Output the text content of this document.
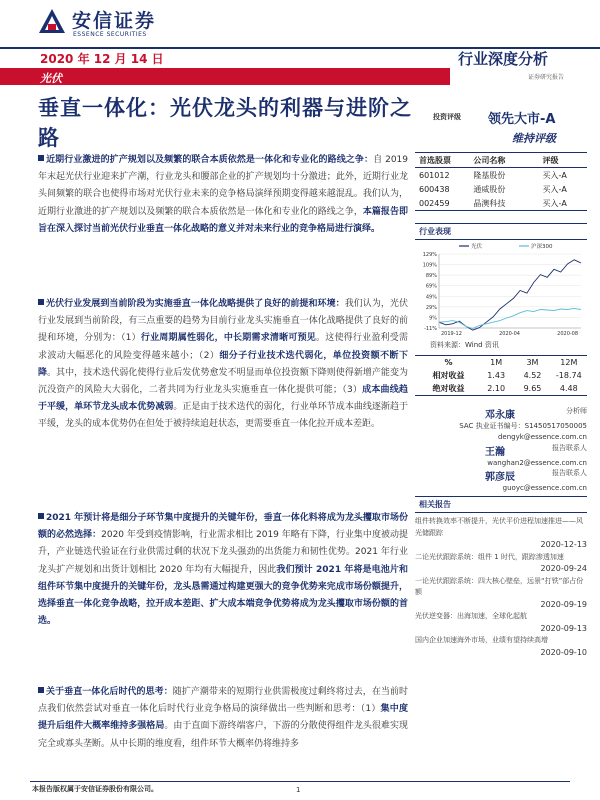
安信证券
ESSENCE SECURITIES
2020 年 12 月 14 日	行业深度分析
证券研究报告
光伏
垂直一体化：光伏龙头的利器与进阶之路

近期行业激进的扩产规划以及频繁的联合本质依然是一体化和专业化的路线之争：自 2019 年末起光伏行业迎来扩产潮，行业龙头和腰部企业的扩产规划均十分激进；此外，近期行业龙头间频繁的联合也使得市场对光伏行业未来的竞争格局演绎预期变得越来越混乱。我们认为，近期行业激进的扩产规划以及频繁的联合本质依然是一体化和专业化的路线之争，本篇报告即旨在深入探讨当前光伏行业垂直一体化战略的意义并对未来行业的竞争格局进行演绎。

光伏行业发展到当前阶段为实施垂直一体化战略提供了良好的前提和环境：我们认为，光伏行业发展到当前阶段，有三点重要的趋势为目前行业龙头实施垂直一体化战略提供了良好的前提和环境，分别为：（1）行业周期属性弱化，中长期需求清晰可预见。这使得行业盈利受需求波动大幅恶化的风险变得越来越小；（2）细分子行业技术迭代弱化，单位投资额不断下降。其中，技术迭代弱化使得行业后发优势愈发不明显而单位投资额下降则使得新增产能变为沉没资产的风险大大弱化，二者共同为行业龙头实施垂直一体化提供可能；（3）成本曲线趋于平缓，单环节龙头成本优势减弱。正是由于技术迭代的弱化，行业单环节成本曲线逐渐趋于平缓，龙头的成本优势仍在但处于被持续追赶状态，更需要垂直一体化拉开成本差距。

2021 年预计将是细分子环节集中度提升的关键年份，垂直一体化料将成为龙头攫取市场份额的必然选择：2020 年受到疫情影响，行业需求相比 2019 年略有下降，行业集中度被动提升，产业链迭代验证在行业供需过剩的状况下龙头强劲的出货能力和韧性优势。2021 年行业龙头扩产规划和出货计划相比 2020 年均有大幅提升，因此我们预计 2021 年将是电池片和组件环节集中度提升的关键年份，龙头恳需通过构建更强大的竞争优势来完成市场份额提升，选择垂直一体化竞争战略，拉开成本差距、扩大成本端竞争优势将成为龙头攫取市场份额的首选。

关于垂直一体化后时代的思考：随扩产潮带来的短期行业供需极度过剩终将过去，在当前时点我们依然尝试对垂直一体化后时代行业竞争格局的演绎做出一些判断和思考：（1）集中度提升后组件大概率维持多强格局。由于直面下游终端客户，下游的分散使得组件龙头很难实现完全或寡头垄断。从中长期的维度看，组件环节大概率仍将维持多

投资评级 领先大市-A
维持评级
首选股票	公司名称	评级
601012	隆基股份	买入-A
600438	通威股份	买入-A
002459	晶澳科技	买入-A
行业表现
129%
109%
89%
69%
49%
29%
9%
-11%
2019-12	2020-04	2020-08
光伏	沪深300
资料来源：Wind 资讯
%	1M	3M	12M
相对收益	1.43	4.52	-18.74
绝对收益	2.10	9.65	4.48
邓永康	分析师
SAC 执业证书编号：S1450517050005
dengyk@essence.com.cn
王瀚	报告联系人
wanghan2@essence.com.cn
郭彦辰	报告联系人
guoyc@essence.com.cn
相关报告
组件转换效率不断提升，光伏平价进程加速推进——风光储跟踪
2020-12-13
二论光伏跟踪系统：组件 1 时代，跟踪渗透加速
2020-09-24
一论光伏跟踪系统：四大核心壁垒，远景“打铁”部占份额
2020-09-19
光伏逆变器：出海加速，全球化起航
2020-09-13
国内企业加速海外市场，业绩有望持续高增
2020-09-10
本报告版权属于安信证券股份有限公司。	1
